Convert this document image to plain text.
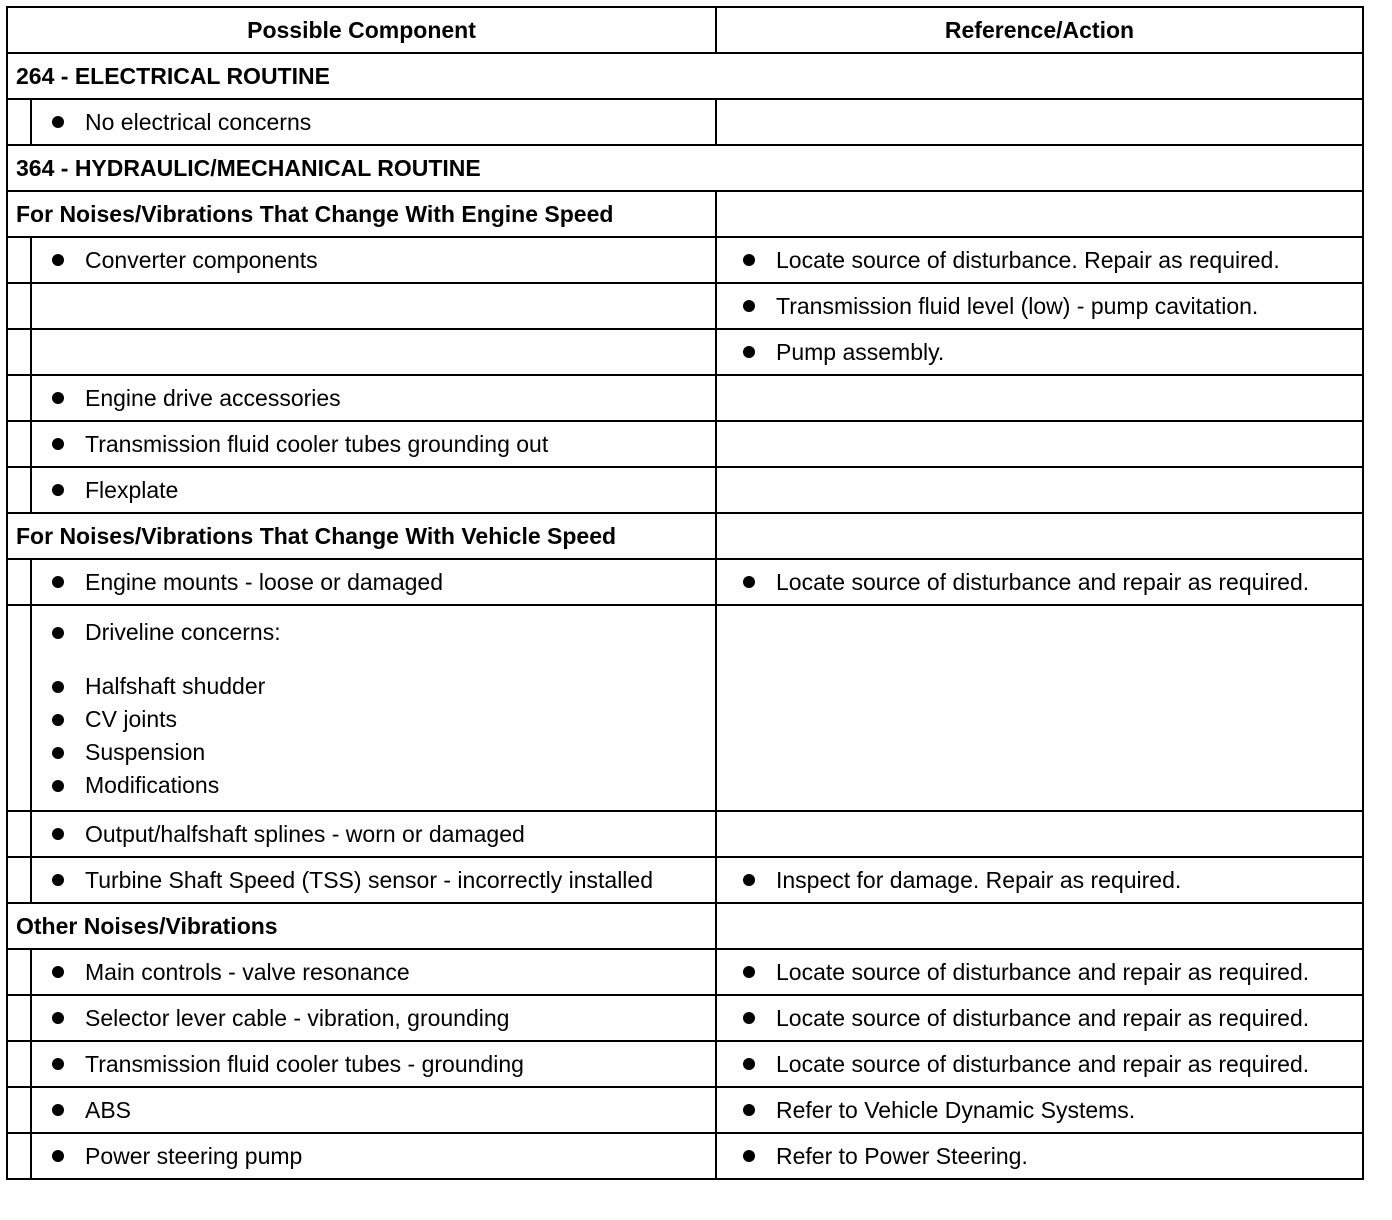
Possible Component		Reference/Action
264 - ELECTRICAL ROUTINE		

	No electrical concerns	

364 - HYDRAULIC/MECHANICAL ROUTINE		
For Noises/Vibrations That Change With Engine Speed		

	Converter components	Locate source of disturbance. Repair as required.

		Transmission fluid level (low) - pump cavitation.

		Pump assembly.

	Engine drive accessories	

	Transmission fluid cooler tubes grounding out	

	Flexplate	

For Noises/Vibrations That Change With Vehicle Speed		

	Engine mounts - loose or damaged	Locate source of disturbance and repair as required.

	Driveline concerns:
Halfshaft shudder
CV joints
Suspension
Modifications	

	Output/halfshaft splines - worn or damaged	

	Turbine Shaft Speed (TSS) sensor - incorrectly installed	Inspect for damage. Repair as required.

Other Noises/Vibrations		

	Main controls - valve resonance	Locate source of disturbance and repair as required.

	Selector lever cable - vibration, grounding	Locate source of disturbance and repair as required.

	Transmission fluid cooler tubes - grounding	Locate source of disturbance and repair as required.

	ABS	Refer to Vehicle Dynamic Systems.

	Power steering pump	Refer to Power Steering.
